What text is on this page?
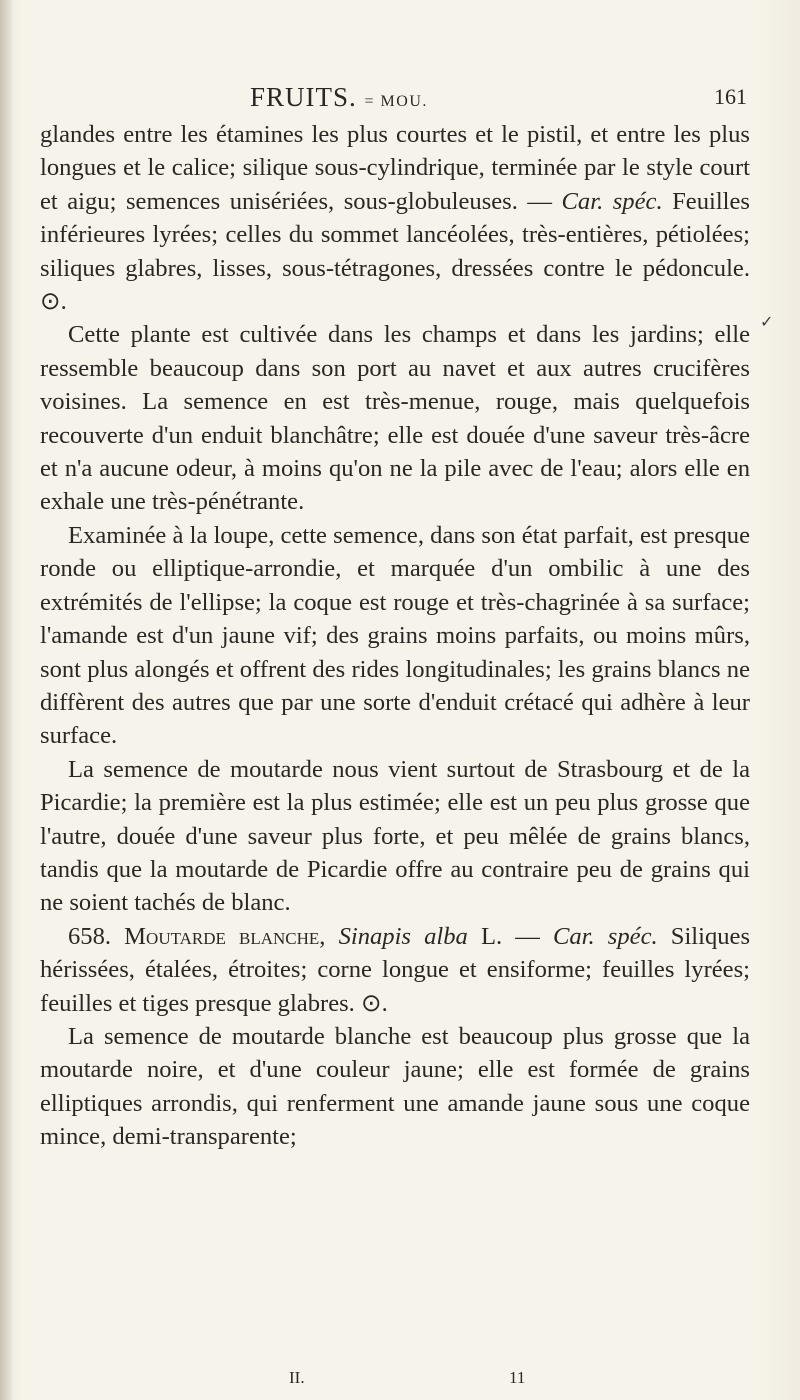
FRUITS. = MOU.	161
✓

glandes entre les étamines les plus courtes et le pistil, et entre les plus longues et le calice; silique sous-cylindrique, terminée par le style court et aigu; semences unisériées, sous-globuleuses. — Car. spéc. Feuilles inférieures lyrées; celles du sommet lancéolées, très-entières, pétiolées; siliques glabres, lisses, sous-tétragones, dressées contre le pédoncule. ⊙.

Cette plante est cultivée dans les champs et dans les jardins; elle ressemble beaucoup dans son port au navet et aux autres crucifères voisines. La semence en est très-menue, rouge, mais quelquefois recouverte d'un enduit blanchâtre; elle est douée d'une saveur très-âcre et n'a aucune odeur, à moins qu'on ne la pile avec de l'eau; alors elle en exhale une très-pénétrante.

Examinée à la loupe, cette semence, dans son état parfait, est presque ronde ou elliptique-arrondie, et marquée d'un ombilic à une des extrémités de l'ellipse; la coque est rouge et très-chagrinée à sa surface; l'amande est d'un jaune vif; des grains moins parfaits, ou moins mûrs, sont plus alongés et offrent des rides longitudinales; les grains blancs ne diffèrent des autres que par une sorte d'enduit crétacé qui adhère à leur surface.

La semence de moutarde nous vient surtout de Strasbourg et de la Picardie; la première est la plus estimée; elle est un peu plus grosse que l'autre, douée d'une saveur plus forte, et peu mêlée de grains blancs, tandis que la moutarde de Picardie offre au contraire peu de grains qui ne soient tachés de blanc.

658. Moutarde blanche, Sinapis alba L. — Car. spéc. Siliques hérissées, étalées, étroites; corne longue et ensiforme; feuilles lyrées; feuilles et tiges presque glabres. ⊙.

La semence de moutarde blanche est beaucoup plus grosse que la moutarde noire, et d'une couleur jaune; elle est formée de grains elliptiques arrondis, qui renferment une amande jaune sous une coque mince, demi-transparente;

II.	11
